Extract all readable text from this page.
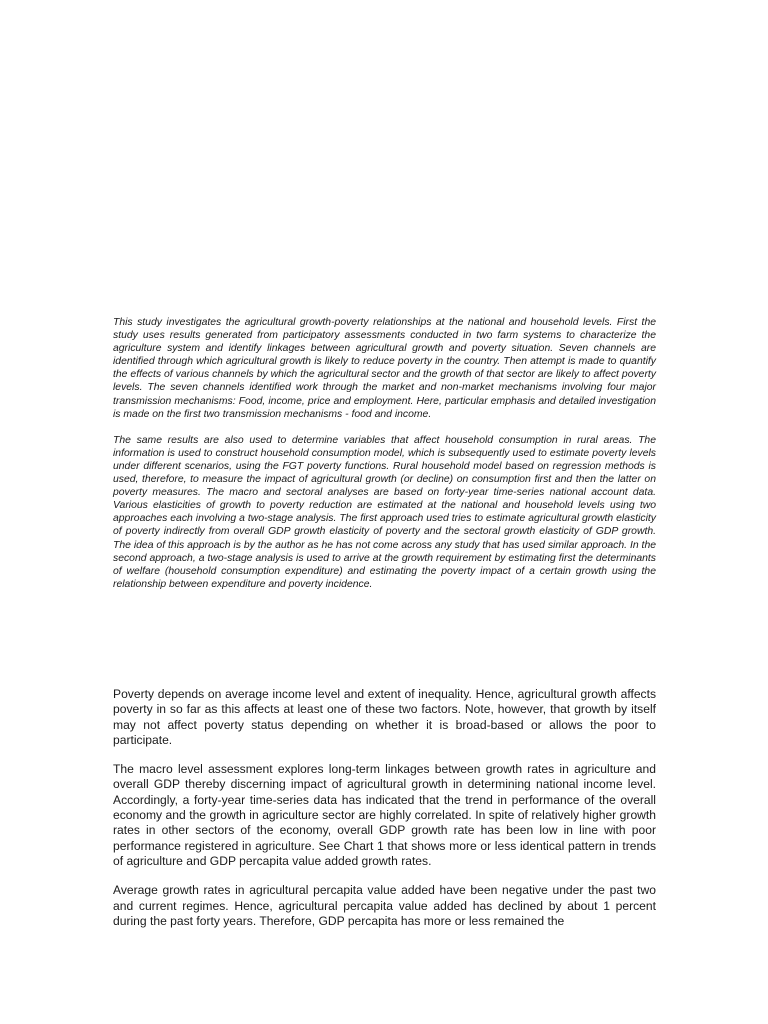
This study investigates the agricultural growth-poverty relationships at the national and household levels. First the study uses results generated from participatory assessments conducted in two farm systems to characterize the agriculture system and identify linkages between agricultural growth and poverty situation. Seven channels are identified through which agricultural growth is likely to reduce poverty in the country. Then attempt is made to quantify the effects of various channels by which the agricultural sector and the growth of that sector are likely to affect poverty levels. The seven channels identified work through the market and non-market mechanisms involving four major transmission mechanisms: Food, income, price and employment. Here, particular emphasis and detailed investigation is made on the first two transmission mechanisms - food and income.

The same results are also used to determine variables that affect household consumption in rural areas. The information is used to construct household consumption model, which is subsequently used to estimate poverty levels under different scenarios, using the FGT poverty functions. Rural household model based on regression methods is used, therefore, to measure the impact of agricultural growth (or decline) on consumption first and then the latter on poverty measures. The macro and sectoral analyses are based on forty-year time-series national account data. Various elasticities of growth to poverty reduction are estimated at the national and household levels using two approaches each involving a two-stage analysis. The first approach used tries to estimate agricultural growth elasticity of poverty indirectly from overall GDP growth elasticity of poverty and the sectoral growth elasticity of GDP growth. The idea of this approach is by the author as he has not come across any study that has used similar approach. In the second approach, a two-stage analysis is used to arrive at the growth requirement by estimating first the determinants of welfare (household consumption expenditure) and estimating the poverty impact of a certain growth using the relationship between expenditure and poverty incidence.

Poverty depends on average income level and extent of inequality. Hence, agricultural growth affects poverty in so far as this affects at least one of these two factors. Note, however, that growth by itself may not affect poverty status depending on whether it is broad-based or allows the poor to participate.

The macro level assessment explores long-term linkages between growth rates in agriculture and overall GDP thereby discerning impact of agricultural growth in determining national income level. Accordingly, a forty-year time-series data has indicated that the trend in performance of the overall economy and the growth in agriculture sector are highly correlated. In spite of relatively higher growth rates in other sectors of the economy, overall GDP growth rate has been low in line with poor performance registered in agriculture. See Chart 1 that shows more or less identical pattern in trends of agriculture and GDP percapita value added growth rates.

Average growth rates in agricultural percapita value added have been negative under the past two and current regimes. Hence, agricultural percapita value added has declined by about 1 percent during the past forty years. Therefore, GDP percapita has more or less remained the
